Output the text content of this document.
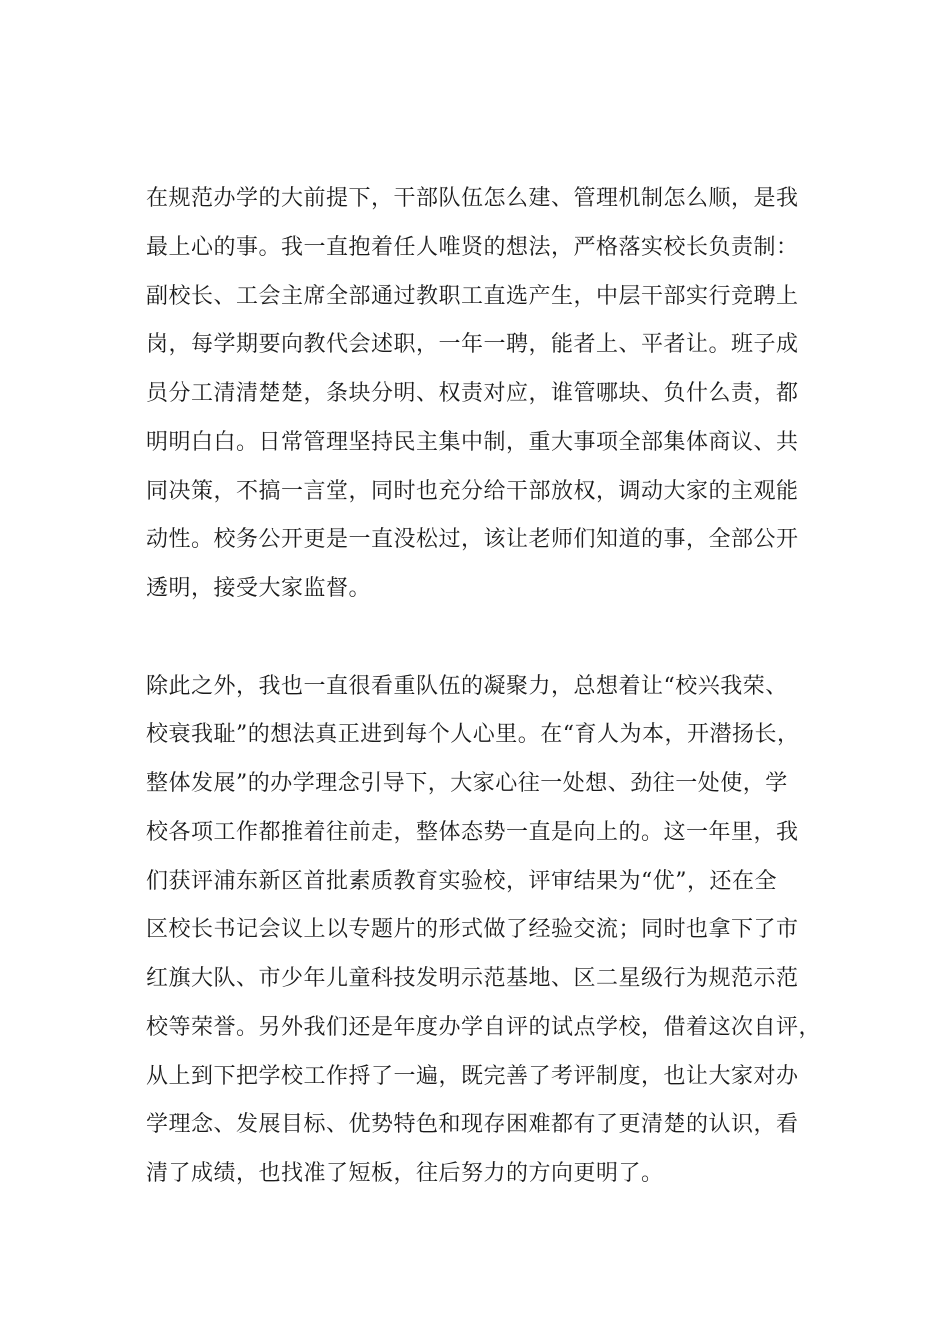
在规范办学的大前提下，干部队伍怎么建、管理机制怎么顺，是我
最上心的事。我一直抱着任人唯贤的想法，严格落实校长负责制：
副校长、工会主席全部通过教职工直选产生，中层干部实行竞聘上
岗，每学期要向教代会述职，一年一聘，能者上、平者让。班子成
员分工清清楚楚，条块分明、权责对应，谁管哪块、负什么责，都
明明白白。日常管理坚持民主集中制，重大事项全部集体商议、共
同决策，不搞一言堂，同时也充分给干部放权，调动大家的主观能
动性。校务公开更是一直没松过，该让老师们知道的事，全部公开
透明，接受大家监督。
除此之外，我也一直很看重队伍的凝聚力，总想着让“校兴我荣、
校衰我耻”的想法真正进到每个人心里。在“育人为本，开潜扬长，
整体发展”的办学理念引导下，大家心往一处想、劲往一处使，学
校各项工作都推着往前走，整体态势一直是向上的。这一年里，我
们获评浦东新区首批素质教育实验校，评审结果为“优”，还在全
区校长书记会议上以专题片的形式做了经验交流；同时也拿下了市
红旗大队、市少年儿童科技发明示范基地、区二星级行为规范示范
校等荣誉。另外我们还是年度办学自评的试点学校，借着这次自评，
从上到下把学校工作捋了一遍，既完善了考评制度，也让大家对办
学理念、发展目标、优势特色和现存困难都有了更清楚的认识，看
清了成绩，也找准了短板，往后努力的方向更明了。
